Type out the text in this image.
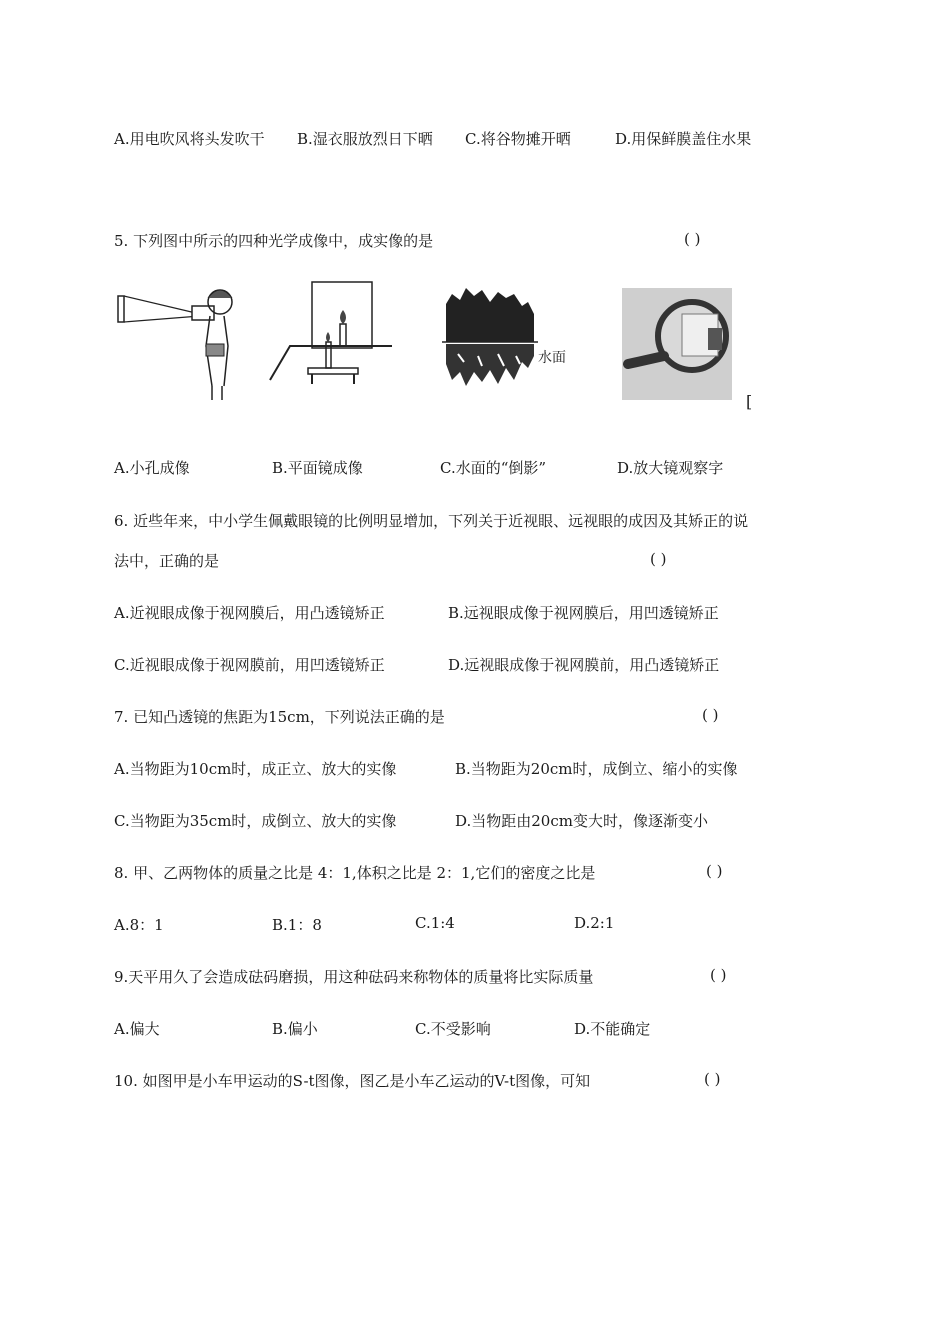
A.用电吹风将头发吹干 B.湿衣服放烈日下晒 C.将谷物摊开晒	D.用保鲜膜盖住水果
5. 下列图中所示的四种光学成像中，成实像的是	( )
水面
[
A.小孔成像	B.平面镜成像	C.水面的“倒影”	D.放大镜观察字
6. 近些年来，中小学生佩戴眼镜的比例明显增加，下列关于近视眼、远视眼的成因及其矫正的说
法中，正确的是	( )
A.近视眼成像于视网膜后，用凸透镜矫正	B.远视眼成像于视网膜后，用凹透镜矫正
C.近视眼成像于视网膜前，用凹透镜矫正	D.远视眼成像于视网膜前，用凸透镜矫正
7. 已知凸透镜的焦距为15cm，下列说法正确的是	( )
A.当物距为10cm时，成正立、放大的实像	B.当物距为20cm时，成倒立、缩小的实像
C.当物距为35cm时，成倒立、放大的实像	D.当物距由20cm变大时，像逐渐变小
8. 甲、乙两物体的质量之比是 4：1,体积之比是 2：1,它们的密度之比是	( )
A.8：1	B.1：8	C.1:4	D.2:1
9.天平用久了会造成砝码磨损，用这种砝码来称物体的质量将比实际质量	( )
A.偏大	B.偏小	C.不受影响	D.不能确定
10. 如图甲是小车甲运动的S-t图像，图乙是小车乙运动的V-t图像，可知	( )
